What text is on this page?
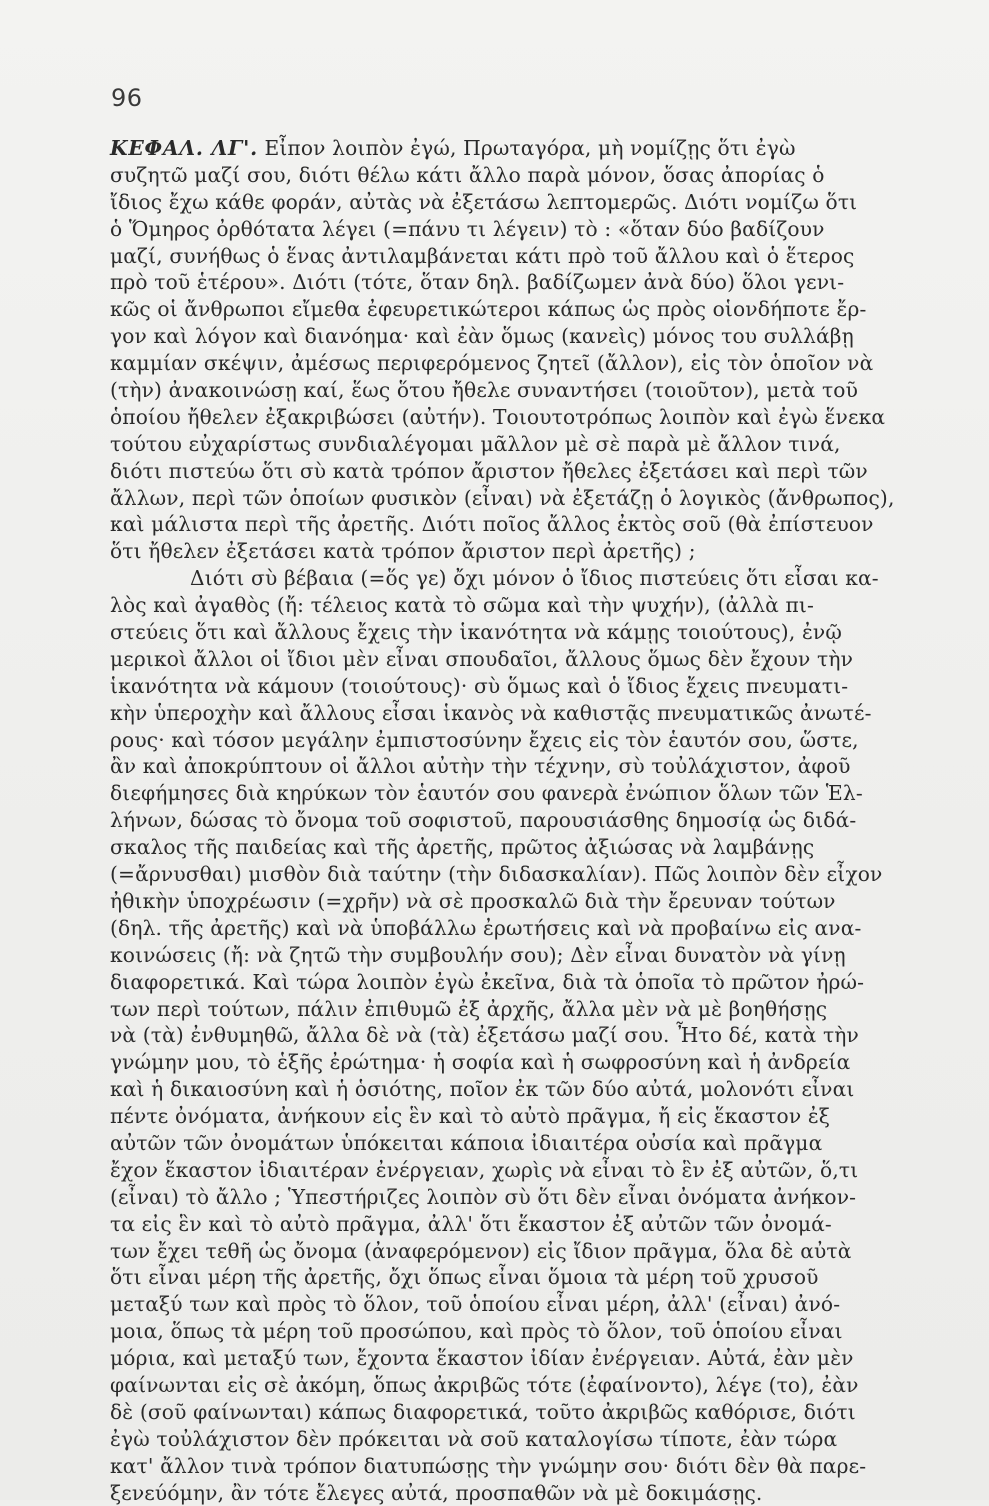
96
ΚΕΦΑΛ. ΛΓ'. Εἶπον λοιπὸν ἐγώ, Πρωταγόρα, μὴ νομίζῃς ὅτι ἐγὼ
συζητῶ μαζί σου, διότι θέλω κάτι ἄλλο παρὰ μόνον, ὅσας ἀπορίας ὁ
ἴδιος ἔχω κάθε φοράν, αὐτὰς νὰ ἐξετάσω λεπτομερῶς. Διότι νομίζω ὅτι
ὁ Ὅμηρος ὀρθότατα λέγει (=πάνυ τι λέγειν) τὸ : «ὅταν δύο βαδίζουν
μαζί, συνήθως ὁ ἕνας ἀντιλαμβάνεται κάτι πρὸ τοῦ ἄλλου καὶ ὁ ἕτερος
πρὸ τοῦ ἑτέρου». Διότι (τότε, ὅταν δηλ. βαδίζωμεν ἀνὰ δύο) ὅλοι γενι-
κῶς οἱ ἄνθρωποι εἴμεθα ἐφευρετικώτεροι κάπως ὡς πρὸς οἱονδήποτε ἔρ-
γον καὶ λόγον καὶ διανόημα· καὶ ἐὰν ὅμως (κανεὶς) μόνος του συλλάβῃ
καμμίαν σκέψιν, ἀμέσως περιφερόμενος ζητεῖ (ἄλλον), εἰς τὸν ὁποῖον νὰ
(τὴν) ἀνακοινώσῃ καί, ἕως ὅτου ἤθελε συναντήσει (τοιοῦτον), μετὰ τοῦ
ὁποίου ἤθελεν ἐξακριβώσει (αὐτήν). Τοιουτοτρόπως λοιπὸν καὶ ἐγὼ ἕνεκα
τούτου εὐχαρίστως συνδιαλέγομαι μᾶλλον μὲ σὲ παρὰ μὲ ἄλλον τινά,
διότι πιστεύω ὅτι σὺ κατὰ τρόπον ἄριστον ἤθελες ἐξετάσει καὶ περὶ τῶν
ἄλλων, περὶ τῶν ὁποίων φυσικὸν (εἶναι) νὰ ἐξετάζῃ ὁ λογικὸς (ἄνθρωπος),
καὶ μάλιστα περὶ τῆς ἀρετῆς. Διότι ποῖος ἄλλος ἐκτὸς σοῦ (θὰ ἐπίστευον
ὅτι ἤθελεν ἐξετάσει κατὰ τρόπον ἄριστον περὶ ἀρετῆς) ;
Διότι σὺ βέβαια (=ὅς γε) ὄχι μόνον ὁ ἴδιος πιστεύεις ὅτι εἶσαι κα-
λὸς καὶ ἀγαθὸς (ἤ: τέλειος κατὰ τὸ σῶμα καὶ τὴν ψυχήν), (ἀλλὰ πι-
στεύεις ὅτι καὶ ἄλλους ἔχεις τὴν ἱκανότητα νὰ κάμῃς τοιούτους), ἐνῷ
μερικοὶ ἄλλοι οἱ ἴδιοι μὲν εἶναι σπουδαῖοι, ἄλλους ὅμως δὲν ἔχουν τὴν
ἱκανότητα νὰ κάμουν (τοιούτους)· σὺ ὅμως καὶ ὁ ἴδιος ἔχεις πνευματι-
κὴν ὑπεροχὴν καὶ ἄλλους εἶσαι ἱκανὸς νὰ καθιστᾷς πνευματικῶς ἀνωτέ-
ρους· καὶ τόσον μεγάλην ἐμπιστοσύνην ἔχεις εἰς τὸν ἑαυτόν σου, ὥστε,
ἂν καὶ ἀποκρύπτουν οἱ ἄλλοι αὐτὴν τὴν τέχνην, σὺ τοὐλάχιστον, ἀφοῦ
διεφήμησες διὰ κηρύκων τὸν ἑαυτόν σου φανερὰ ἐνώπιον ὅλων τῶν Ἑλ-
λήνων, δώσας τὸ ὄνομα τοῦ σοφιστοῦ, παρουσιάσθης δημοσίᾳ ὡς διδά-
σκαλος τῆς παιδείας καὶ τῆς ἀρετῆς, πρῶτος ἀξιώσας νὰ λαμβάνῃς
(=ἄρνυσθαι) μισθὸν διὰ ταύτην (τὴν διδασκαλίαν). Πῶς λοιπὸν δὲν εἶχον
ἠθικὴν ὑποχρέωσιν (=χρῆν) νὰ σὲ προσκαλῶ διὰ τὴν ἔρευναν τούτων
(δηλ. τῆς ἀρετῆς) καὶ νὰ ὑποβάλλω ἐρωτήσεις καὶ νὰ προβαίνω εἰς ανα-
κοινώσεις (ἤ: νὰ ζητῶ τὴν συμβουλήν σου); Δὲν εἶναι δυνατὸν νὰ γίνῃ
διαφορετικά. Καὶ τώρα λοιπὸν ἐγὼ ἐκεῖνα, διὰ τὰ ὁποῖα τὸ πρῶτον ἠρώ-
των περὶ τούτων, πάλιν ἐπιθυμῶ ἐξ ἀρχῆς, ἄλλα μὲν νὰ μὲ βοηθήσῃς
νὰ (τὰ) ἐνθυμηθῶ, ἄλλα δὲ νὰ (τὰ) ἐξετάσω μαζί σου. Ἦτο δέ, κατὰ τὴν
γνώμην μου, τὸ ἑξῆς ἐρώτημα· ἡ σοφία καὶ ἡ σωφροσύνη καὶ ἡ ἀνδρεία
καὶ ἡ δικαιοσύνη καὶ ἡ ὁσιότης, ποῖον ἐκ τῶν δύο αὐτά, μολονότι εἶναι
πέντε ὀνόματα, ἀνήκουν εἰς ἓν καὶ τὸ αὐτὸ πρᾶγμα, ἤ εἰς ἕκαστον ἐξ
αὐτῶν τῶν ὀνομάτων ὑπόκειται κάποια ἰδιαιτέρα οὐσία καὶ πρᾶγμα
ἔχον ἕκαστον ἰδιαιτέραν ἐνέργειαν, χωρὶς νὰ εἶναι τὸ ἓν ἐξ αὐτῶν, ὅ,τι
(εἶναι) τὸ ἄλλο ; Ὑπεστήριζες λοιπὸν σὺ ὅτι δὲν εἶναι ὀνόματα ἀνήκον-
τα εἰς ἓν καὶ τὸ αὐτὸ πρᾶγμα, ἀλλ' ὅτι ἕκαστον ἐξ αὐτῶν τῶν ὀνομά-
των ἔχει τεθῆ ὡς ὄνομα (ἀναφερόμενον) εἰς ἴδιον πρᾶγμα, ὅλα δὲ αὐτὰ
ὅτι εἶναι μέρη τῆς ἀρετῆς, ὄχι ὅπως εἶναι ὅμοια τὰ μέρη τοῦ χρυσοῦ
μεταξύ των καὶ πρὸς τὸ ὅλον, τοῦ ὁποίου εἶναι μέρη, ἀλλ' (εἶναι) ἀνό-
μοια, ὅπως τὰ μέρη τοῦ προσώπου, καὶ πρὸς τὸ ὅλον, τοῦ ὁποίου εἶναι
μόρια, καὶ μεταξύ των, ἔχοντα ἕκαστον ἰδίαν ἐνέργειαν. Αὐτά, ἐὰν μὲν
φαίνωνται εἰς σὲ ἀκόμη, ὅπως ἀκριβῶς τότε (ἐφαίνοντο), λέγε (το), ἐὰν
δὲ (σοῦ φαίνωνται) κάπως διαφορετικά, τοῦτο ἀκριβῶς καθόρισε, διότι
ἐγὼ τοὐλάχιστον δὲν πρόκειται νὰ σοῦ καταλογίσω τίποτε, ἐὰν τώρα
κατ' ἄλλον τινὰ τρόπον διατυπώσῃς τὴν γνώμην σου· διότι δὲν θὰ παρε-
ξενεύόμην, ἂν τότε ἔλεγες αὐτά, προσπαθῶν νὰ μὲ δοκιμάσῃς.
